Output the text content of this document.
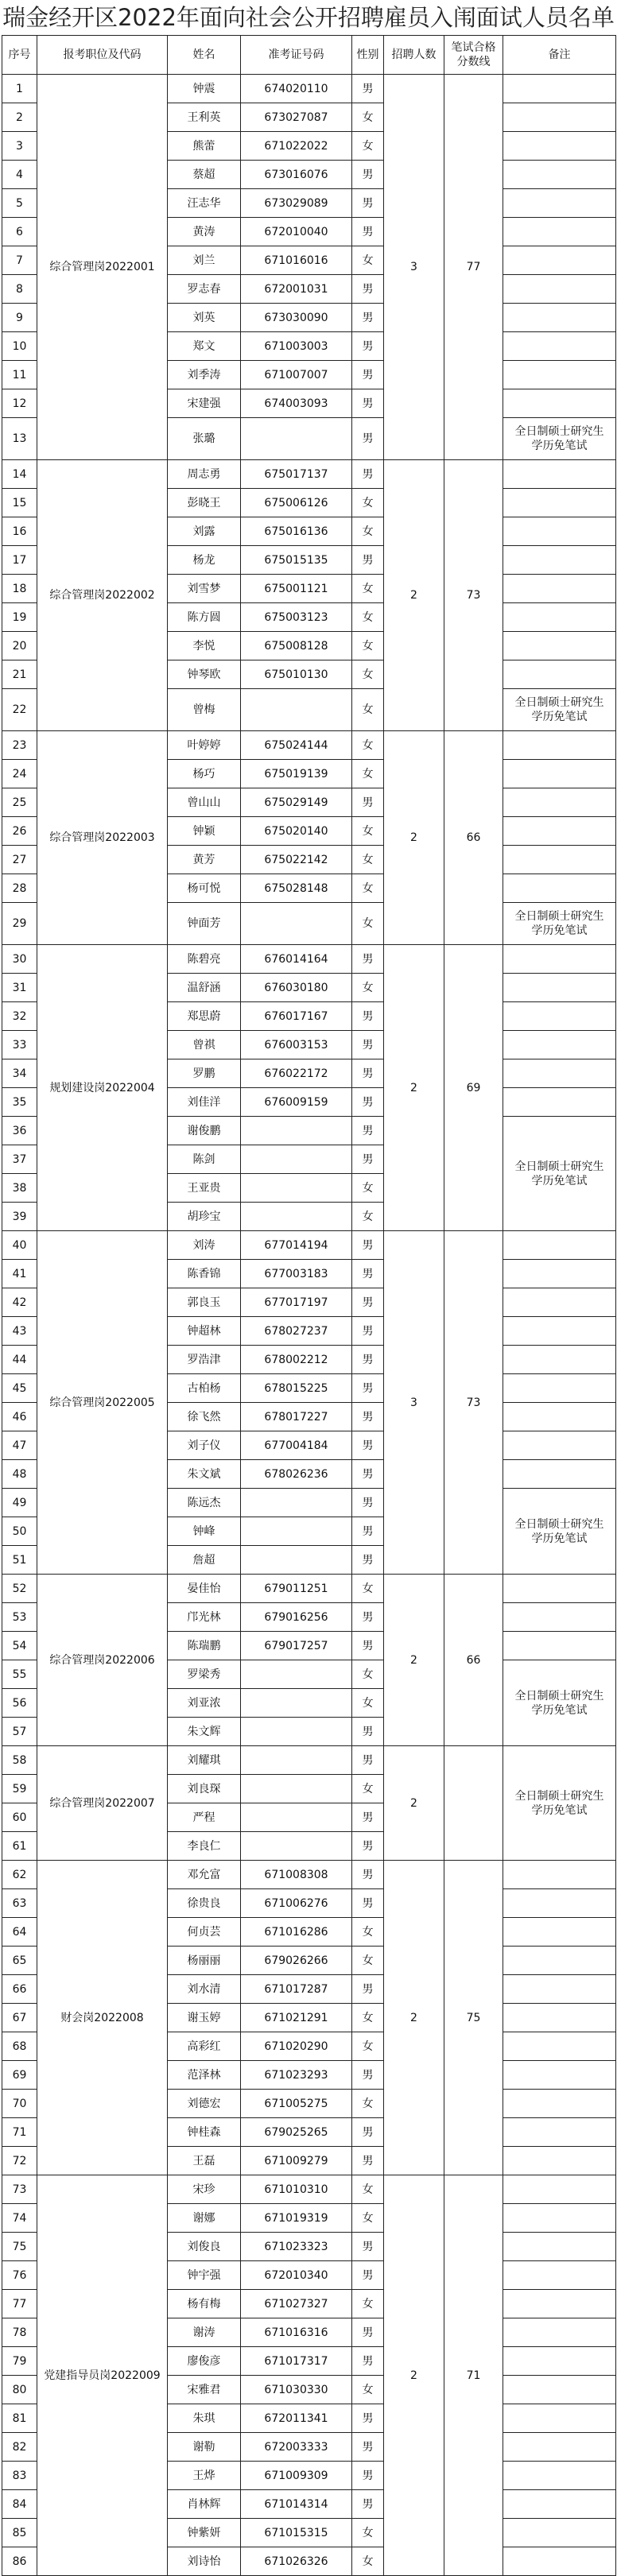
瑞金经开区2022年面向社会公开招聘雇员入闱面试人员名单
序号	报考职位及代码	姓名	准考证号码	性别	招聘人数	笔试合格分数线	备注
1	综合管理岗2022001	钟震	674020110	男	3	77	
2		王利英	673027087	女			
3		熊蕾	671022022	女			
4		蔡超	673016076	男			
5		汪志华	673029089	男			
6		黄涛	672010040	男			
7		刘兰	671016016	女			
8		罗志春	672001031	男			
9		刘英	673030090	男			
10		郑文	671003003	男			
11		刘季涛	671007007	男			
12		宋建强	674003093	男			
13		张璐		男			全日制硕士研究生学历免笔试
14	综合管理岗2022002	周志勇	675017137	男	2	73	
15		彭晓王	675006126	女			
16		刘露	675016136	女			
17		杨龙	675015135	男			
18		刘雪梦	675001121	女			
19		陈方圆	675003123	女			
20		李悦	675008128	女			
21		钟琴欧	675010130	女			
22		曾梅		女			全日制硕士研究生学历免笔试
23	综合管理岗2022003	叶婷婷	675024144	女	2	66	
24		杨巧	675019139	女			
25		曾山山	675029149	男			
26		钟颖	675020140	女			
27		黄芳	675022142	女			
28		杨可悦	675028148	女			
29		钟面芳		女			全日制硕士研究生学历免笔试
30	规划建设岗2022004	陈碧亮	676014164	男	2	69	
31		温舒涵	676030180	女			
32		郑思蔚	676017167	男			
33		曾祺	676003153	男			
34		罗鹏	676022172	男			
35		刘佳洋	676009159	男			
36		谢俊鹏		男			全日制硕士研究生学历免笔试
37		陈剑		男			
38		王亚贵		女			
39		胡珍宝		女			
40	综合管理岗2022005	刘涛	677014194	男	3	73	
41		陈香锦	677003183	男			
42		郭良玉	677017197	男			
43		钟超林	678027237	男			
44		罗浩津	678002212	男			
45		古柏杨	678015225	男			
46		徐飞然	678017227	男			
47		刘子仪	677004184	男			
48		朱文斌	678026236	男			
49		陈远杰		男			全日制硕士研究生学历免笔试
50		钟峰		男			
51		詹超		男			
52	综合管理岗2022006	晏佳怡	679011251	女	2	66	
53		邝光林	679016256	男			
54		陈瑞鹏	679017257	男			
55		罗梁秀		女			全日制硕士研究生学历免笔试
56		刘亚浓		女			
57		朱文辉		男			
58	综合管理岗2022007	刘耀琪		男	2		全日制硕士研究生学历免笔试
59		刘良琛		女			
60		严程		男			
61		李良仁		男			
62	财会岗2022008	邓允富	671008308	男	2	75	
63		徐贵良	671006276	男			
64		何贞芸	671016286	女			
65		杨丽丽	679026266	女			
66		刘水清	671017287	男			
67		谢玉婷	671021291	女			
68		高彩红	671020290	女			
69		范泽林	671023293	男			
70		刘德宏	671005275	女			
71		钟桂森	679025265	男			
72		王磊	671009279	男			
73	党建指导员岗2022009	宋珍	671010310	女	2	71	
74		谢娜	671019319	女			
75		刘俊良	671023323	男			
76		钟宇强	672010340	男			
77		杨有梅	671027327	女			
78		谢涛	671016316	男			
79		廖俊彦	671017317	男			
80		宋雅君	671030330	女			
81		朱琪	672011341	男			
82		谢勒	672003333	男			
83		王烨	671009309	男			
84		肖林辉	671014314	男			
85		钟紫妍	671015315	女			
86		刘诗怡	671026326	女			
